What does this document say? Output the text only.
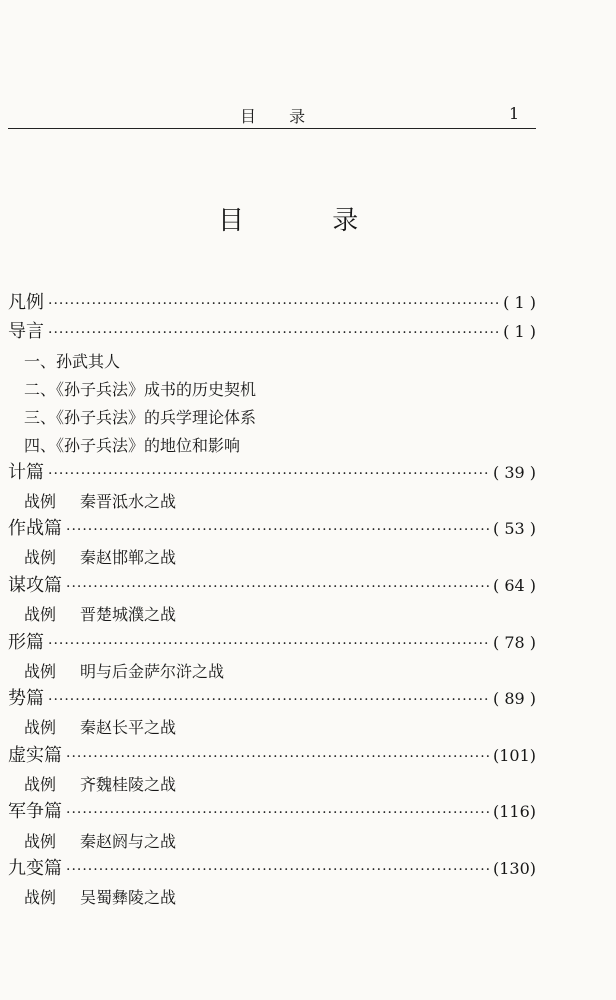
目 录	1
目 录
凡例 ·····	( 1 )
导言 ·····	( 1 )
一、孙武其人
二、《孙子兵法》成书的历史契机
三、《孙子兵法》的兵学理论体系
四、《孙子兵法》的地位和影响
计篇 ·····	( 39 )
战例 秦晋泜水之战
作战篇 ·····	( 53 )
战例 秦赵邯郸之战
谋攻篇 ·····	( 64 )
战例 晋楚城濮之战
形篇 ·····	( 78 )
战例 明与后金萨尔浒之战
势篇 ·····	( 89 )
战例 秦赵长平之战
虚实篇 ·····	(101)
战例 齐魏桂陵之战
军争篇 ·····	(116)
战例 秦赵阏与之战
九变篇 ·····	(130)
战例 吴蜀彝陵之战
